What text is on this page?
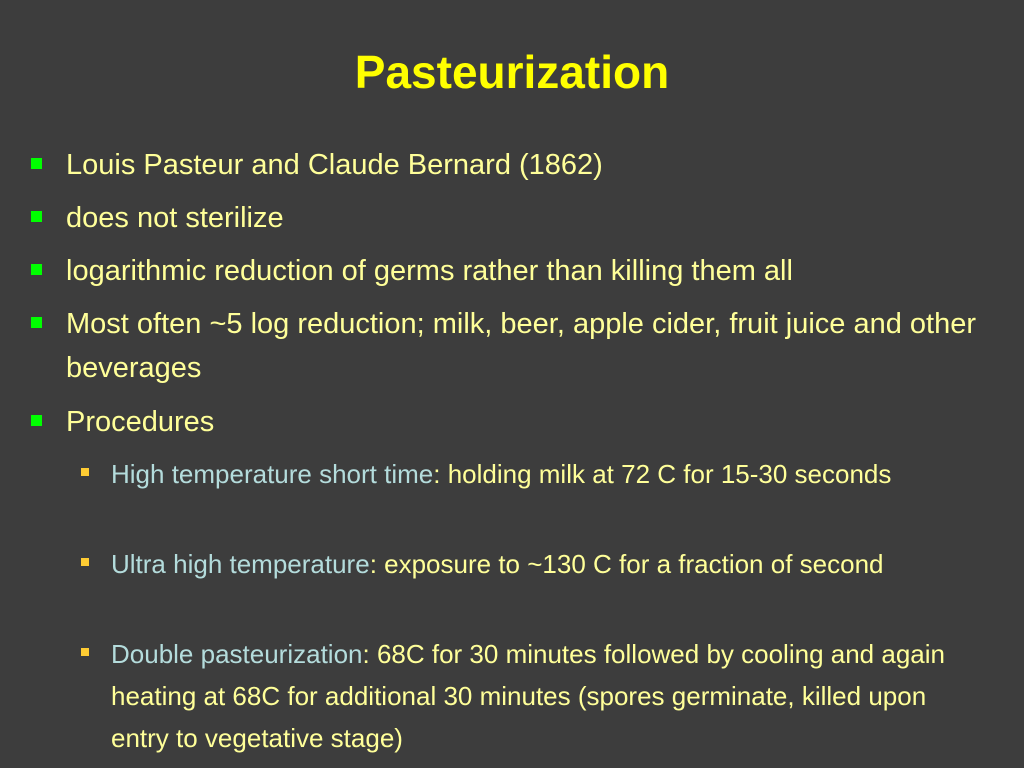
Pasteurization
Louis Pasteur and Claude Bernard (1862)
does not sterilize
logarithmic reduction of germs rather than killing them all
Most often ~5 log reduction; milk, beer, apple cider, fruit juice and other beverages
Procedures
High temperature short time: holding milk at 72 C for 15-30 seconds
Ultra high temperature: exposure to ~130 C for a fraction of second
Double pasteurization: 68C for 30 minutes followed by cooling and again heating at 68C for additional 30 minutes (spores germinate, killed upon entry to vegetative stage)
